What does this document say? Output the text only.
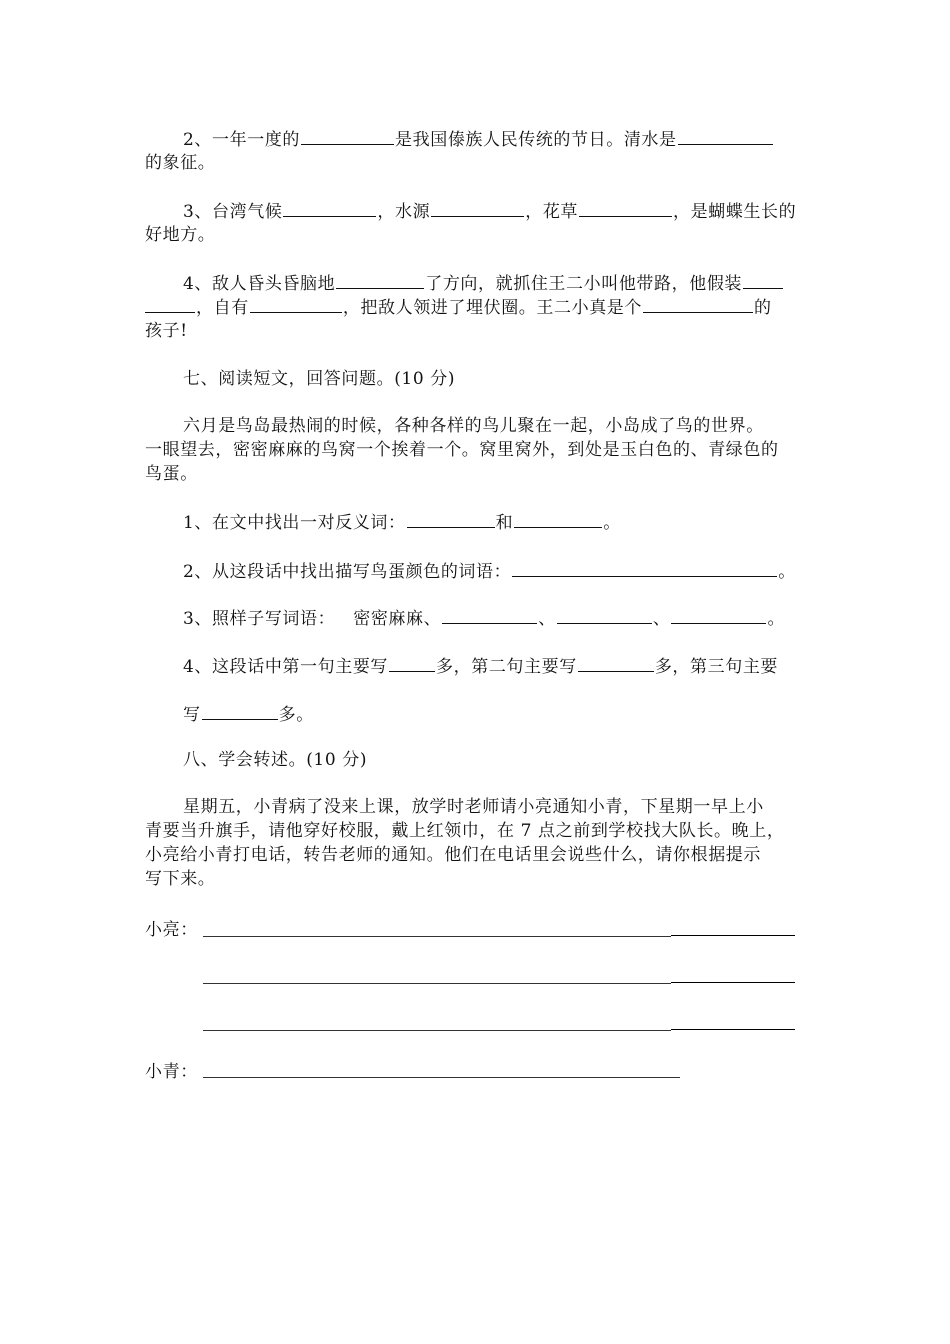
2、一年一度的	是我国傣族人民传统的节日。清水是
的象征。
3、台湾气候	，水源	，花草	，是蝴蝶生长的
好地方。
4、敌人昏头昏脑地	了方向，就抓住王二小叫他带路，他假装
，自有	，把敌人领进了埋伏圈。王二小真是个	的
孩子!
七、阅读短文，回答问题。(10 分)
六月是鸟岛最热闹的时候，各种各样的鸟儿聚在一起，小岛成了鸟的世界。
一眼望去，密密麻麻的鸟窝一个挨着一个。窝里窝外，到处是玉白色的、青绿色的
鸟蛋。
1、在文中找出一对反义词：	和	。
2、从这段话中找出描写鸟蛋颜色的词语：	。
3、照样子写词语： 密密麻麻、	、	、	。
4、这段话中第一句主要写	多，第二句主要写	多，第三句主要
写	多。
八、学会转述。(10 分)
星期五，小青病了没来上课，放学时老师请小亮通知小青，下星期一早上小
青要当升旗手，请他穿好校服，戴上红领巾，在 7 点之前到学校找大队长。晚上，
小亮给小青打电话，转告老师的通知。他们在电话里会说些什么，请你根据提示
写下来。
小亮：
小青：
